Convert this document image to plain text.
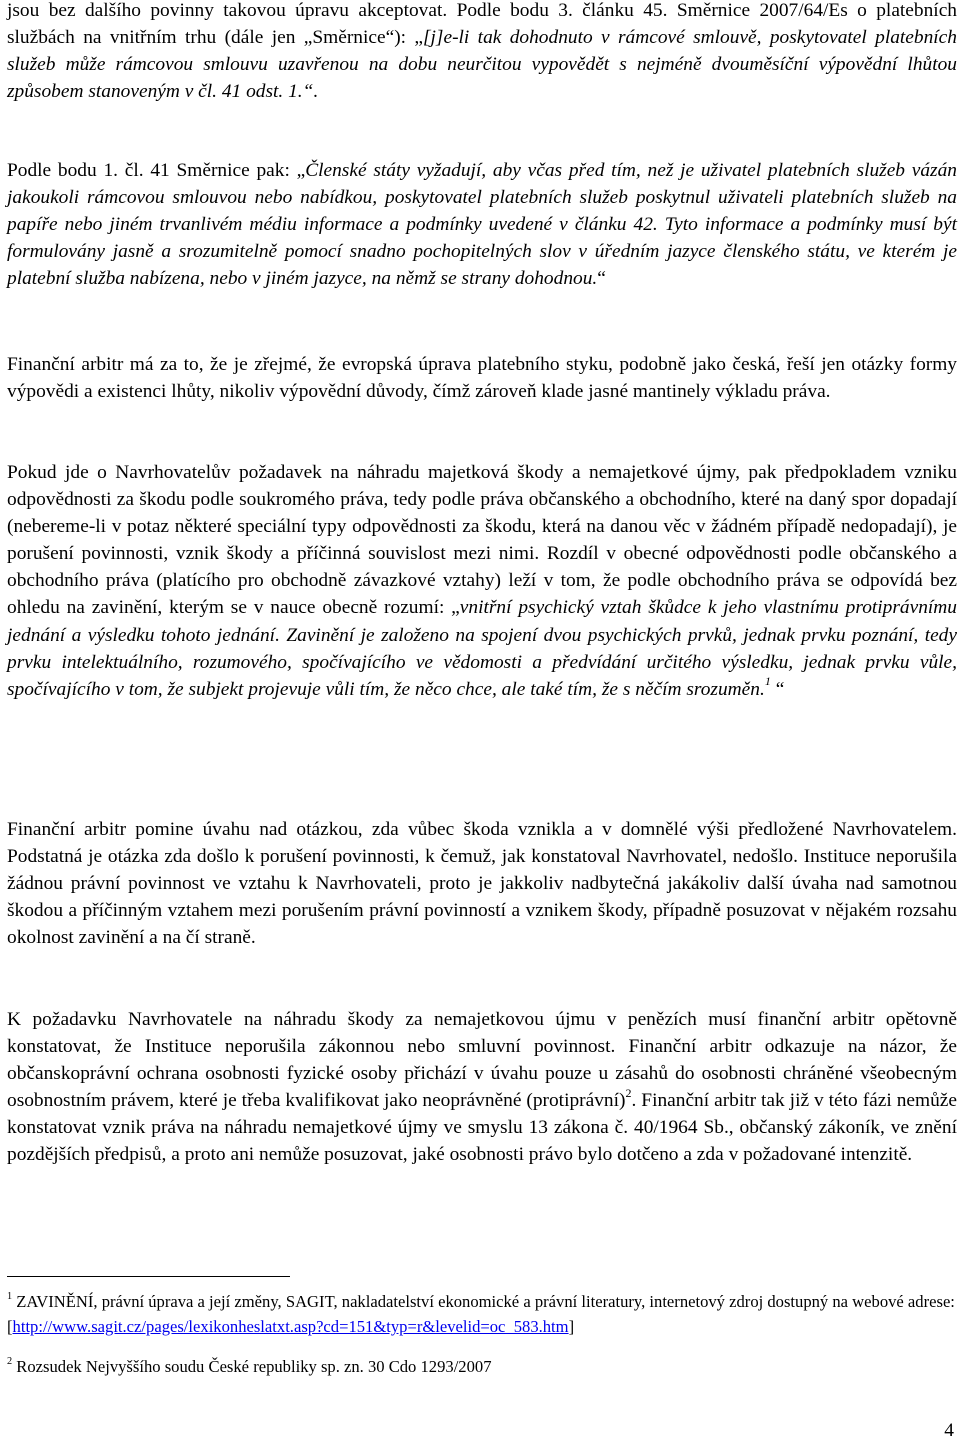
jsou bez dalšího povinny takovou úpravu akceptovat. Podle bodu 3. článku 45. Směrnice 2007/64/Es o platebních službách na vnitřním trhu (dále jen „Směrnice“): „[j]e-li tak dohodnuto v rámcové smlouvě, poskytovatel platebních služeb může rámcovou smlouvu uzavřenou na dobu neurčitou vypovědět s nejméně dvouměsíční výpovědní lhůtou způsobem stanoveným v čl. 41 odst. 1.“.

Podle bodu 1. čl. 41 Směrnice pak: „Členské státy vyžadují, aby včas před tím, než je uživatel platebních služeb vázán jakoukoli rámcovou smlouvou nebo nabídkou, poskytovatel platebních služeb poskytnul uživateli platebních služeb na papíře nebo jiném trvanlivém médiu informace a podmínky uvedené v článku 42. Tyto informace a podmínky musí být formulovány jasně a srozumitelně pomocí snadno pochopitelných slov v úředním jazyce členského státu, ve kterém je platební služba nabízena, nebo v jiném jazyce, na němž se strany dohodnou.“

Finanční arbitr má za to, že je zřejmé, že evropská úprava platebního styku, podobně jako česká, řeší jen otázky formy výpovědi a existenci lhůty, nikoliv výpovědní důvody, čímž zároveň klade jasné mantinely výkladu práva.

Pokud jde o Navrhovatelův požadavek na náhradu majetková škody a nemajetkové újmy, pak předpokladem vzniku odpovědnosti za škodu podle soukromého práva, tedy podle práva občanského a obchodního, které na daný spor dopadají (nebereme-li v potaz některé speciální typy odpovědnosti za škodu, která na danou věc v žádném případě nedopadají), je porušení povinnosti, vznik škody a příčinná souvislost mezi nimi. Rozdíl v obecné odpovědnosti podle občanského a obchodního práva (platícího pro obchodně závazkové vztahy) leží v tom, že podle obchodního práva se odpovídá bez ohledu na zavinění, kterým se v nauce obecně rozumí: „vnitřní psychický vztah škůdce k jeho vlastnímu protiprávnímu jednání a výsledku tohoto jednání. Zavinění je založeno na spojení dvou psychických prvků, jednak prvku poznání, tedy prvku intelektuálního, rozumového, spočívajícího ve vědomosti a předvídání určitého výsledku, jednak prvku vůle, spočívajícího v tom, že subjekt projevuje vůli tím, že něco chce, ale také tím, že s něčím srozuměn.$^1$ “

Finanční arbitr pomine úvahu nad otázkou, zda vůbec škoda vznikla a v domnělé výši předložené Navrhovatelem. Podstatná je otázka zda došlo k porušení povinnosti, k čemuž, jak konstatoval Navrhovatel, nedošlo. Instituce neporušila žádnou právní povinnost ve vztahu k Navrhovateli, proto je jakkoliv nadbytečná jakákoliv další úvaha nad samotnou škodou a příčinným vztahem mezi porušením právní povinností a vznikem škody, případně posuzovat v nějakém rozsahu okolnost zavinění a na čí straně.

K požadavku Navrhovatele na náhradu škody za nemajetkovou újmu v penězích musí finanční arbitr opětovně konstatovat, že Instituce neporušila zákonnou nebo smluvní povinnost. Finanční arbitr odkazuje na názor, že občanskoprávní ochrana osobnosti fyzické osoby přichází v úvahu pouze u zásahů do osobnosti chráněné všeobecným osobnostním právem, které je třeba kvalifikovat jako neoprávněné (protiprávní)$^2$. Finanční arbitr tak již v této fázi nemůže konstatovat vznik práva na náhradu nemajetkové újmy ve smyslu 13 zákona č. 40/1964 Sb., občanský zákoník, ve znění pozdějších předpisů, a proto ani nemůže posuzovat, jaké osobnosti právo bylo dotčeno a zda v požadované intenzitě.

$^1$ ZAVINĚNÍ, právní úprava a její změny, SAGIT, nakladatelství ekonomické a právní literatury, internetový zdroj dostupný na webové adrese: [http://www.sagit.cz/pages/lexikonheslatxt.asp?cd=151&typ=r&levelid=oc_583.htm]

$^2$ Rozsudek Nejvyššího soudu České republiky sp. zn. 30 Cdo 1293/2007

4
